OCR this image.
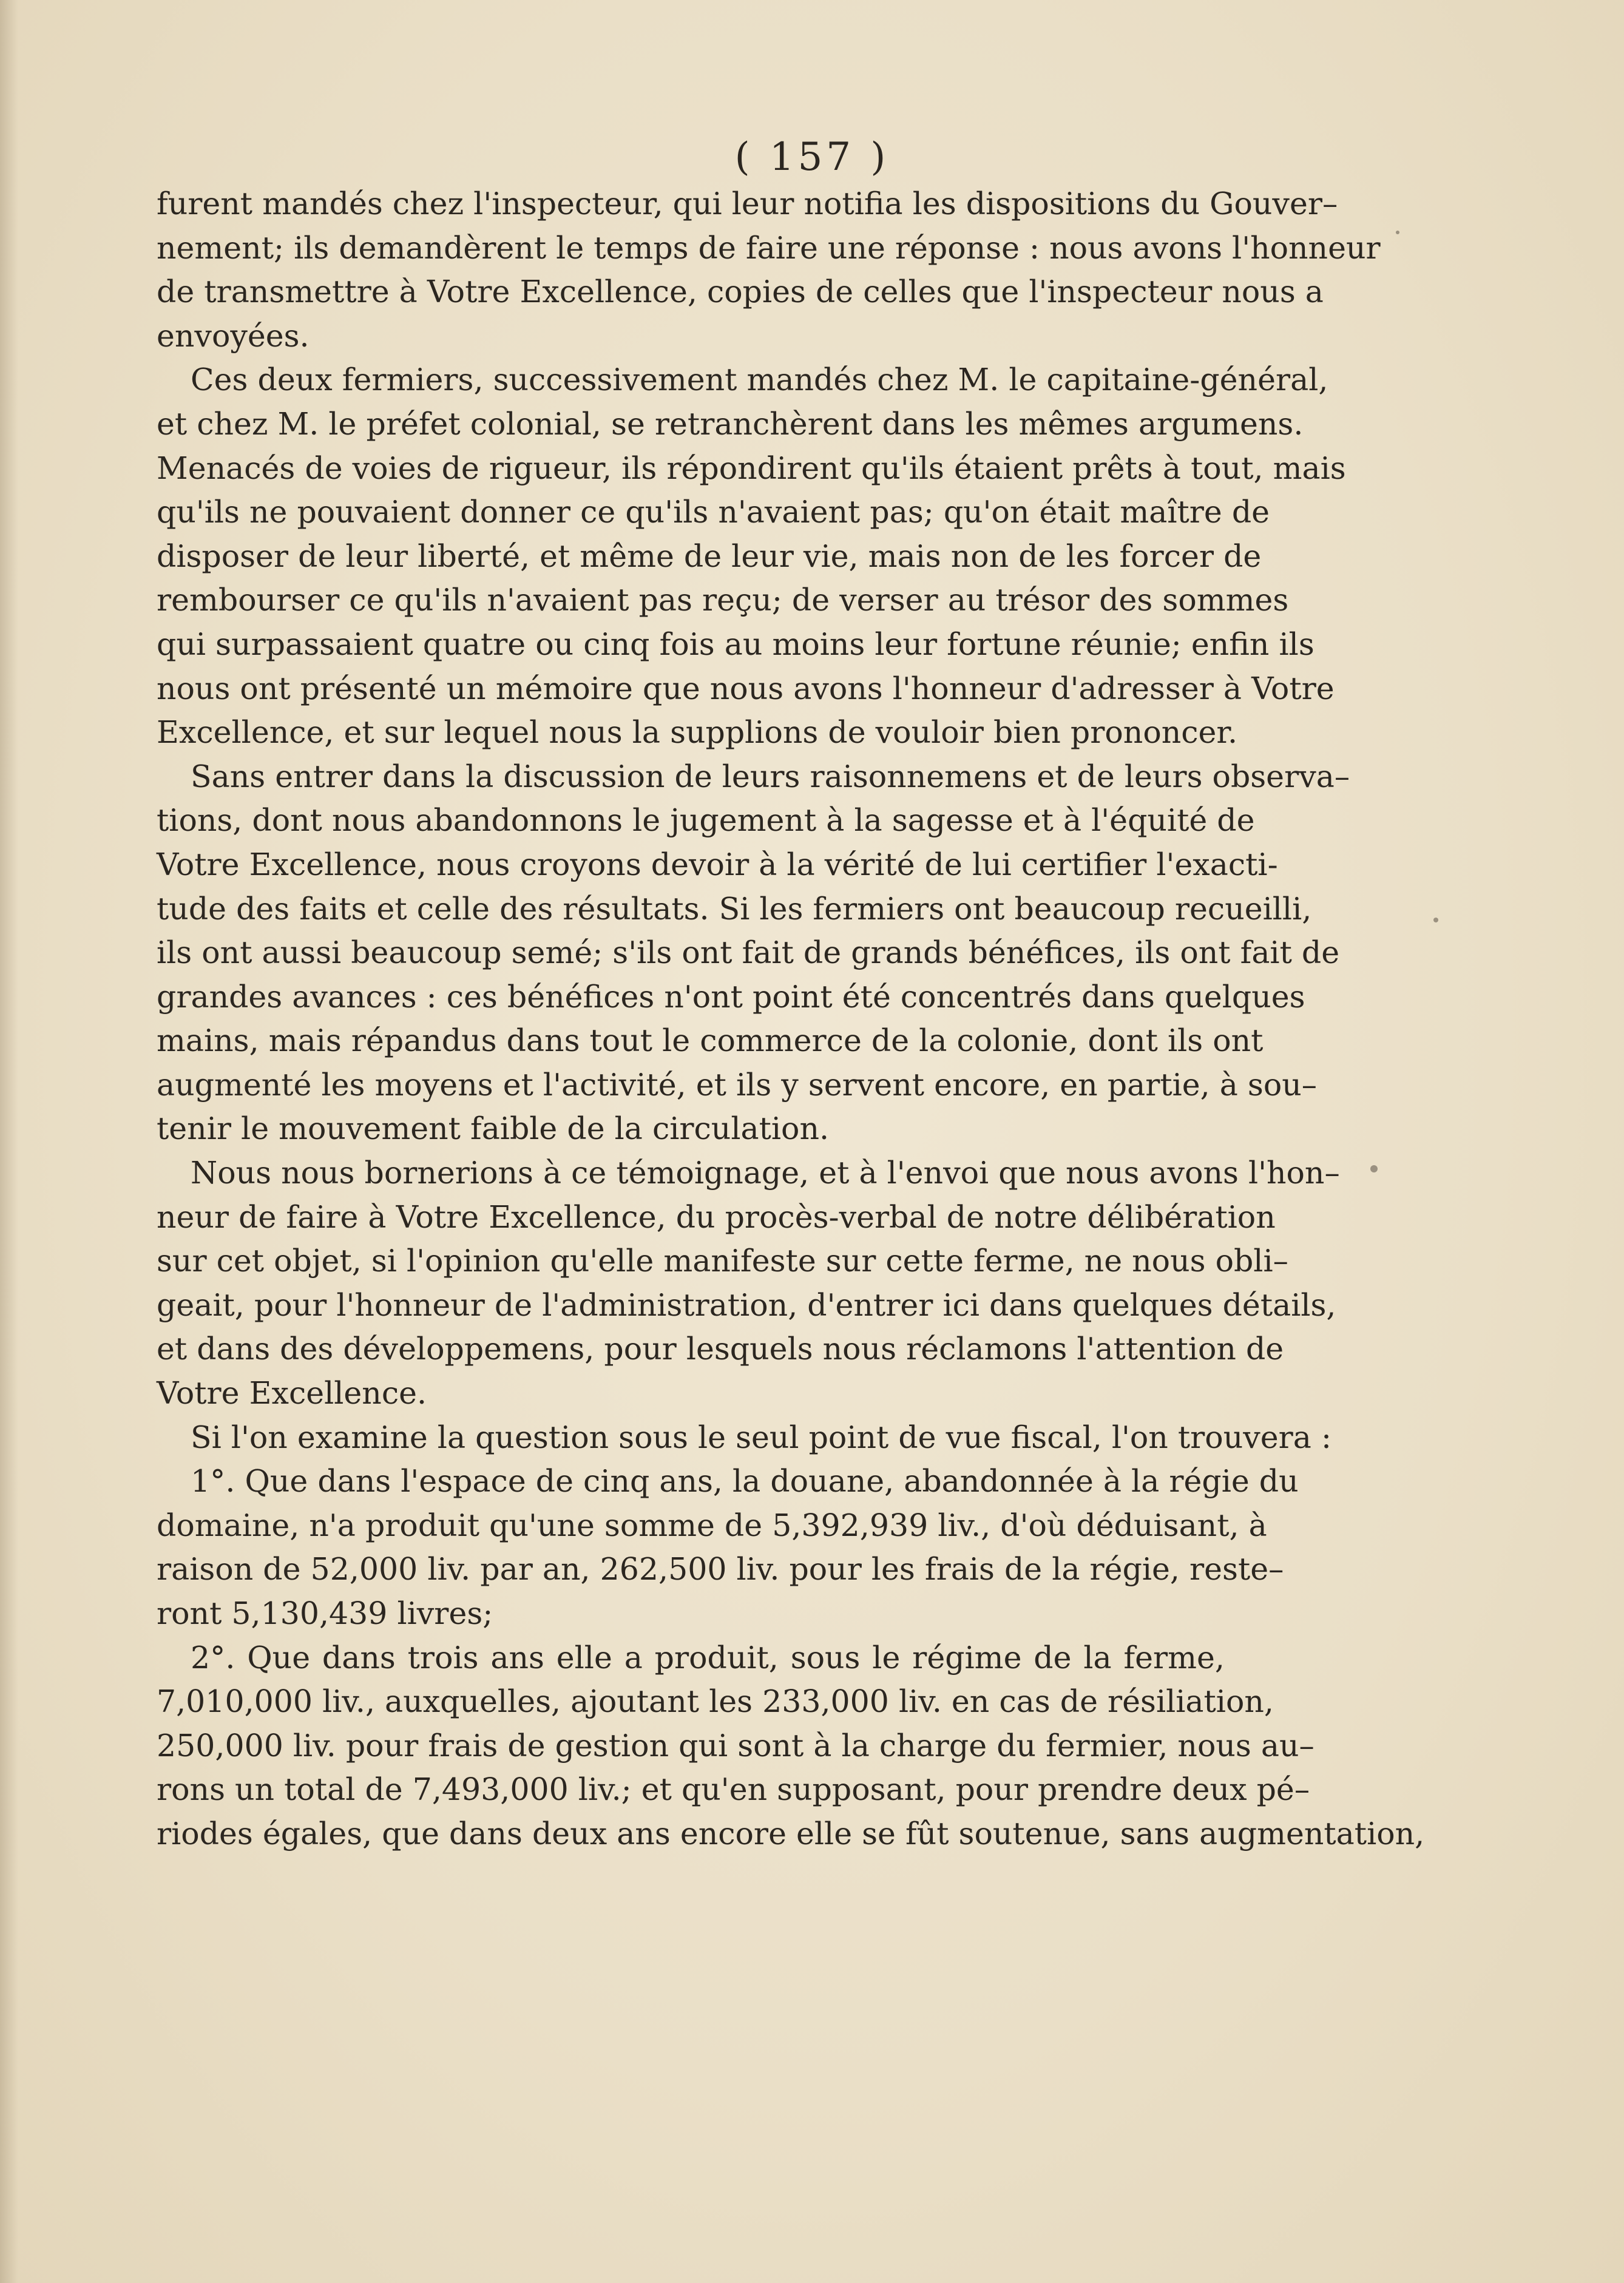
( 157 )
furent mandés chez l'inspecteur, qui leur notifia les dispositions du Gouver–
nement; ils demandèrent le temps de faire une réponse : nous avons l'honneur
de transmettre à Votre Excellence, copies de celles que l'inspecteur nous a
envoyées.
Ces deux fermiers, successivement mandés chez M. le capitaine-général,
et chez M. le préfet colonial, se retranchèrent dans les mêmes argumens.
Menacés de voies de rigueur, ils répondirent qu'ils étaient prêts à tout, mais
qu'ils ne pouvaient donner ce qu'ils n'avaient pas; qu'on était maître de
disposer de leur liberté, et même de leur vie, mais non de les forcer de
rembourser ce qu'ils n'avaient pas reçu; de verser au trésor des sommes
qui surpassaient quatre ou cinq fois au moins leur fortune réunie; enfin ils
nous ont présenté un mémoire que nous avons l'honneur d'adresser à Votre
Excellence, et sur lequel nous la supplions de vouloir bien prononcer.
Sans entrer dans la discussion de leurs raisonnemens et de leurs observa–
tions, dont nous abandonnons le jugement à la sagesse et à l'équité de
Votre Excellence, nous croyons devoir à la vérité de lui certifier l'exacti-
tude des faits et celle des résultats. Si les fermiers ont beaucoup recueilli,
ils ont aussi beaucoup semé; s'ils ont fait de grands bénéfices, ils ont fait de
grandes avances : ces bénéfices n'ont point été concentrés dans quelques
mains, mais répandus dans tout le commerce de la colonie, dont ils ont
augmenté les moyens et l'activité, et ils y servent encore, en partie, à sou–
tenir le mouvement faible de la circulation.
Nous nous bornerions à ce témoignage, et à l'envoi que nous avons l'hon–
neur de faire à Votre Excellence, du procès-verbal de notre délibération
sur cet objet, si l'opinion qu'elle manifeste sur cette ferme, ne nous obli–
geait, pour l'honneur de l'administration, d'entrer ici dans quelques détails,
et dans des développemens, pour lesquels nous réclamons l'attention de
Votre Excellence.
Si l'on examine la question sous le seul point de vue fiscal, l'on trouvera :
1°. Que dans l'espace de cinq ans, la douane, abandonnée à la régie du
domaine, n'a produit qu'une somme de 5,392,939 liv., d'où déduisant, à
raison de 52,000 liv. par an, 262,500 liv. pour les frais de la régie, reste–
ront 5,130,439 livres;
2°. Que dans trois ans elle a produit, sous le régime de la ferme,
7,010,000 liv., auxquelles, ajoutant les 233,000 liv. en cas de résiliation,
250,000 liv. pour frais de gestion qui sont à la charge du fermier, nous au–
rons un total de 7,493,000 liv.; et qu'en supposant, pour prendre deux pé–
riodes égales, que dans deux ans encore elle se fût soutenue, sans augmentation,
